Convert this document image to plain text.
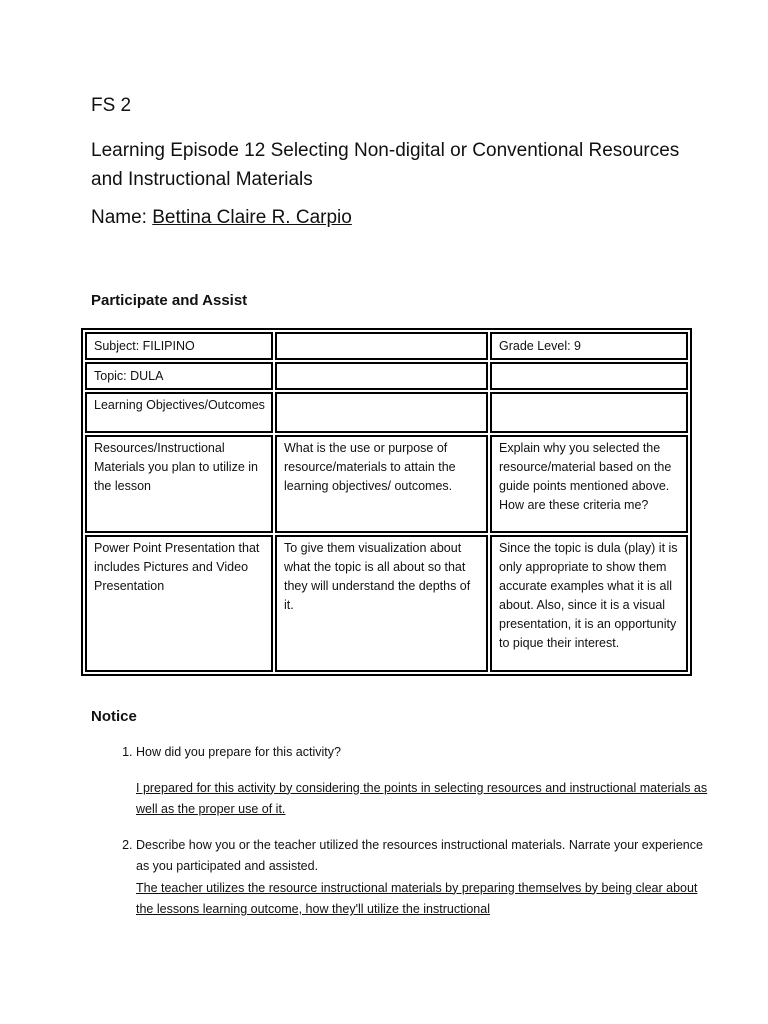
FS 2
Learning Episode 12 Selecting Non-digital or Conventional Resources and Instructional Materials

Name: Bettina Claire R. Carpio

Participate and Assist
Subject: FILIPINO		Grade Level: 9
Topic: DULA		
Learning Objectives/Outcomes		
Resources/Instructional Materials you plan to utilize in the lesson	What is the use or purpose of resource/materials to attain the learning objectives/ outcomes.	Explain why you selected the resource/material based on the guide points mentioned above. How are these criteria me?
Power Point Presentation that includes Pictures and Video Presentation	To give them visualization about what the topic is all about so that they will understand the depths of it.	Since the topic is dula (play) it is only appropriate to show them accurate examples what it is all about. Also, since it is a visual presentation, it is an opportunity to pique their interest.
Notice
1. How did you prepare for this activity?
I prepared for this activity by considering the points in selecting resources and instructional materials as well as the proper use of it.
2. Describe how you or the teacher utilized the resources instructional materials. Narrate your experience as you participated and assisted.
The teacher utilizes the resource instructional materials by preparing themselves by being clear about the lessons learning outcome, how they'll utilize the instructional
